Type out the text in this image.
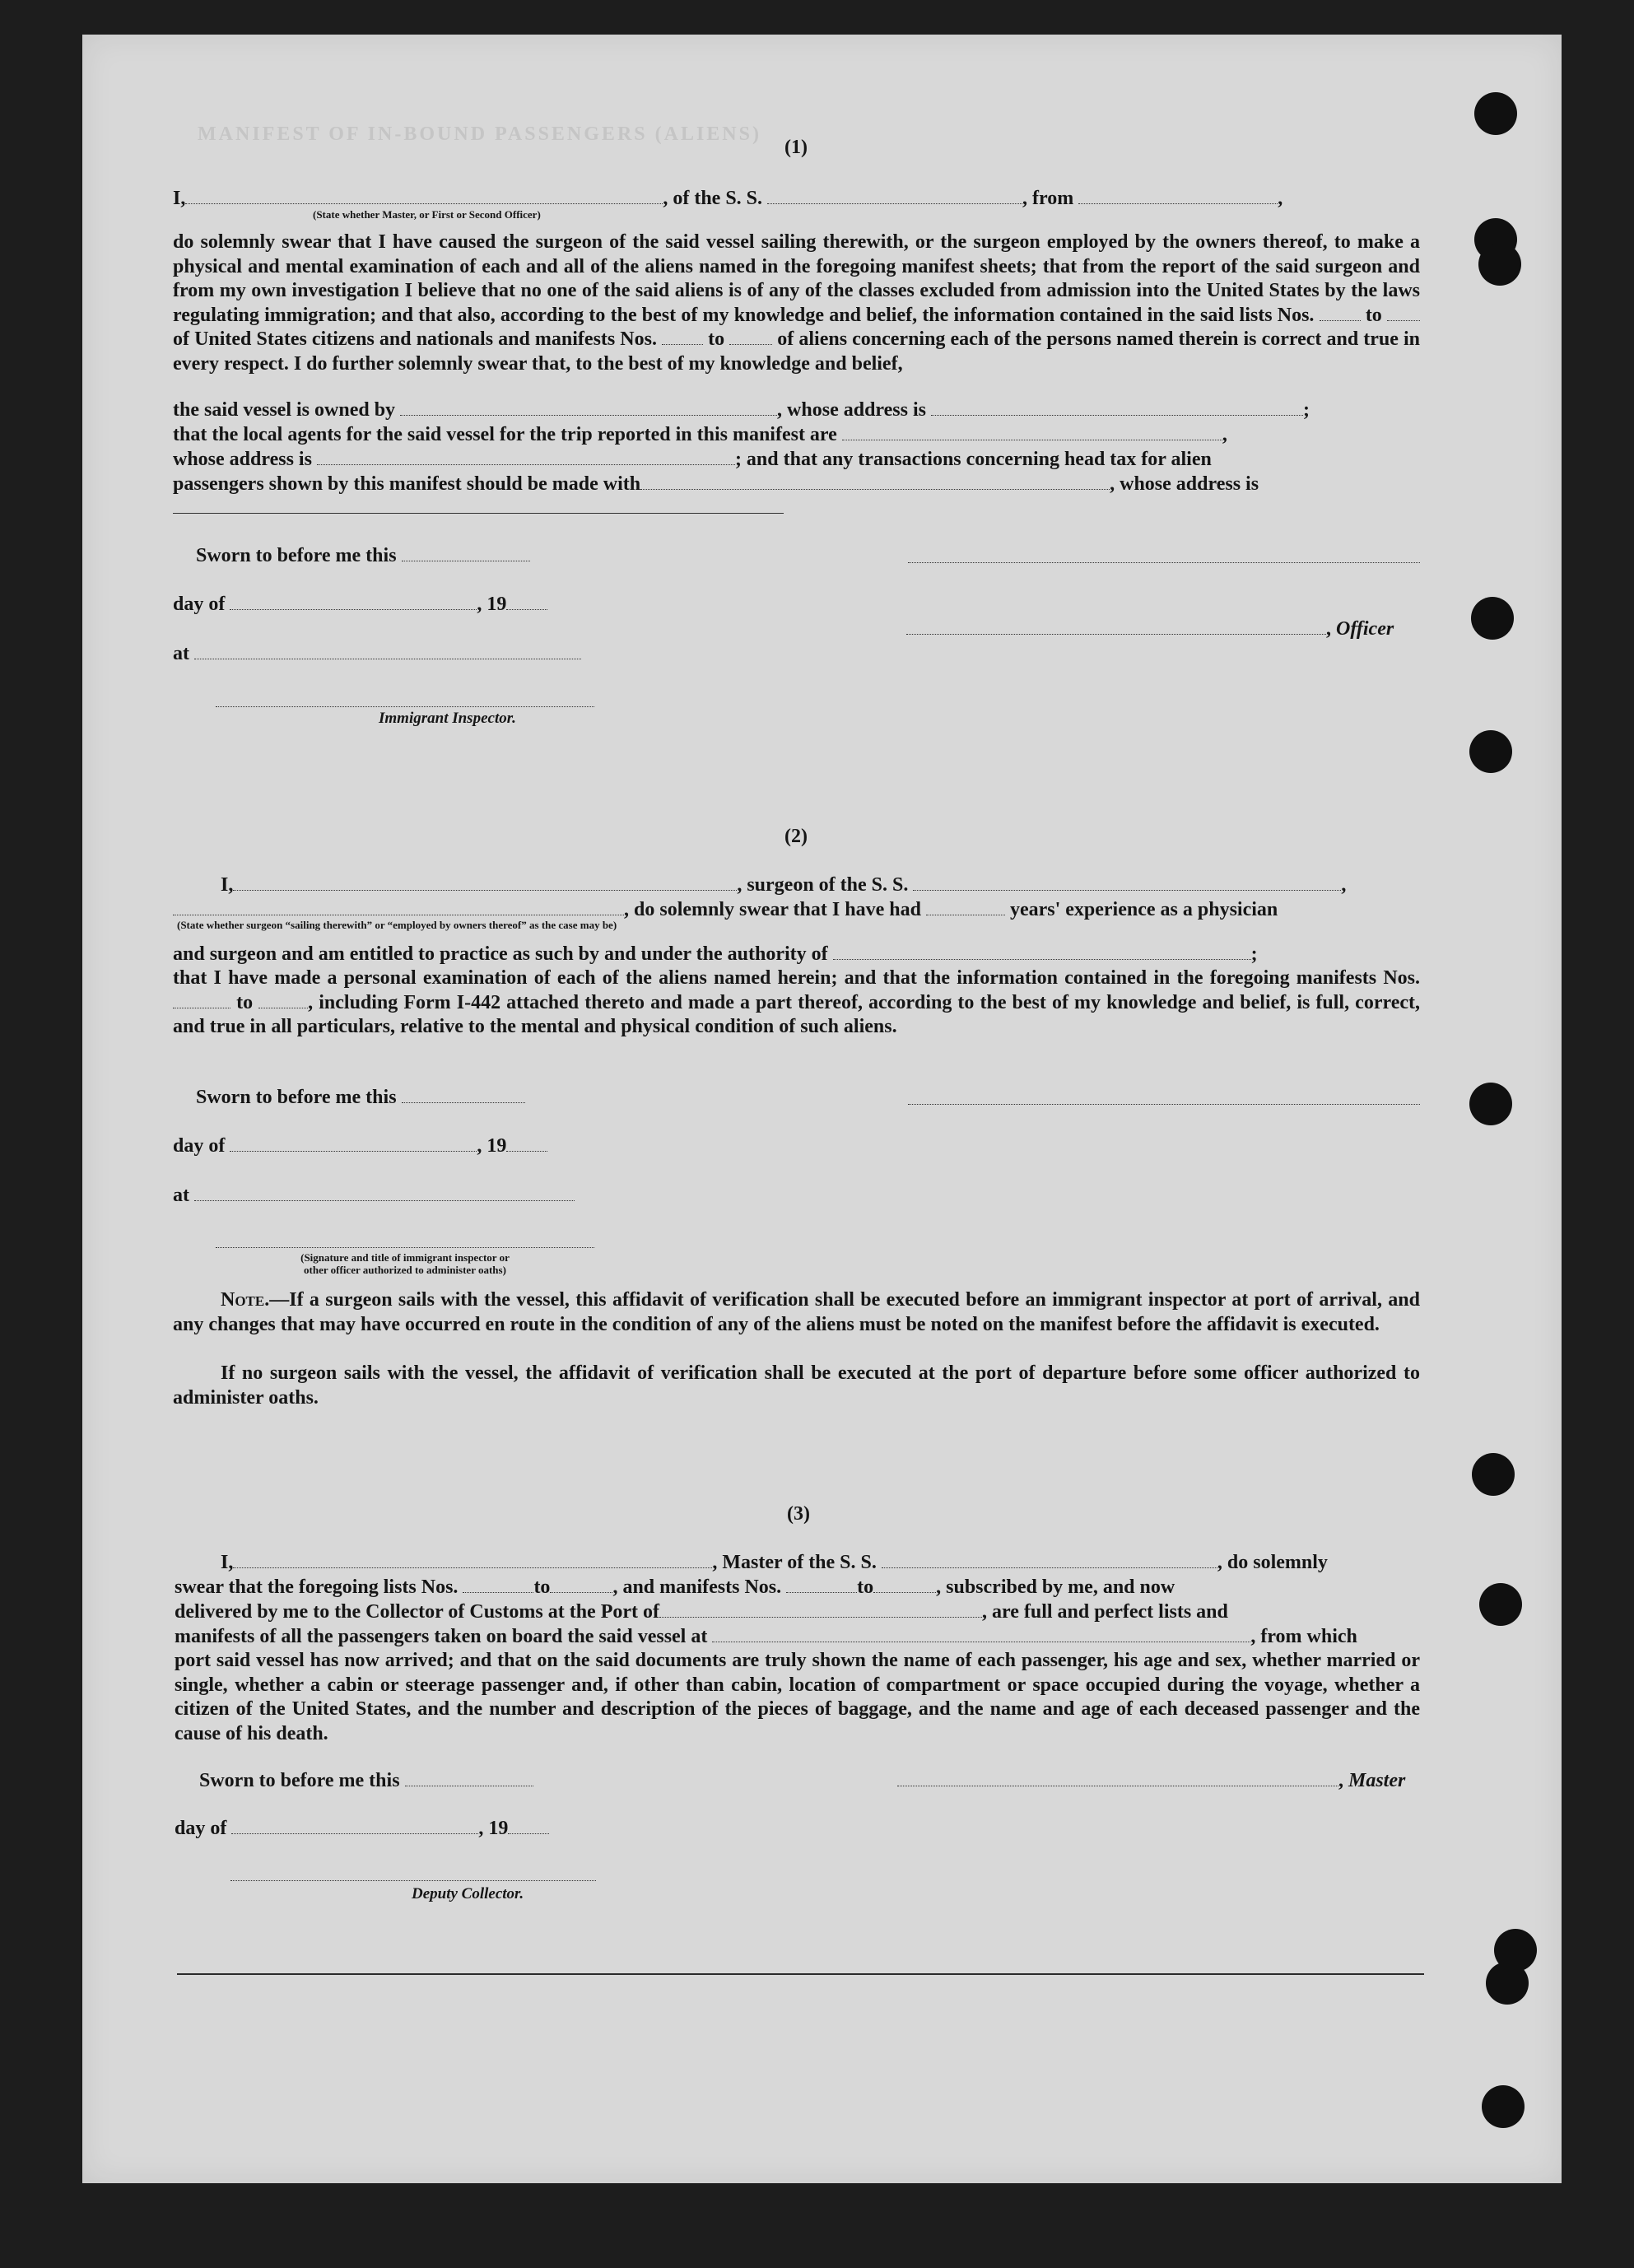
MANIFEST OF IN-BOUND PASSENGERS (ALIENS)
(1)

I,	, of the S. S.	, from	,

(State whether Master, or First or Second Officer)

do solemnly swear that I have caused the surgeon of the said vessel sailing therewith, or the surgeon employed by the owners thereof, to make a physical and mental examination of each and all of the aliens named in the foregoing manifest sheets; that from the report of the said surgeon and from my own investigation I believe that no one of the said aliens is of any of the classes excluded from admission into the United States by the laws regulating immigration; and that also, according to the best of my knowledge and belief, the information contained in the said lists Nos.	to  of United States citizens and nationals and manifests Nos.	to	of aliens concerning each of the persons named therein is correct and true in every respect. I do further solemnly swear that, to the best of my knowledge and belief,

the said vessel is owned by	, whose address is	;

that the local agents for the said vessel for the trip reported in this manifest are	,

whose address is	; and that any transactions concerning head tax for alien

passengers shown by this manifest should be made with	, whose address is

Sworn to before me this

day of	, 19

, Officer

at

Immigrant Inspector.
(2)

I,	, surgeon of the S. S.	,

, do solemnly swear that I have had	years' experience as a physician

(State whether surgeon “sailing therewith” or “employed by owners thereof” as the case may be)

and surgeon and am entitled to practice as such by and under the authority of	;

that I have made a personal examination of each of the aliens named herein; and that the information contained in the foregoing manifests Nos.  to	, including Form I-442 attached thereto and made a part thereof, according to the best of my knowledge and belief, is full, correct, and true in all particulars, relative to the mental and physical condition of such aliens.

Sworn to before me this

day of	, 19

at

(Signature and title of immigrant inspector or
other officer authorized to administer oaths)

Note.—If a surgeon sails with the vessel, this affidavit of verification shall be executed before an immigrant inspector at port of arrival, and any changes that may have occurred en route in the condition of any of the aliens must be noted on the manifest before the affidavit is executed.

If no surgeon sails with the vessel, the affidavit of verification shall be executed at the port of departure before some officer authorized to administer oaths.

(3)

I,	, Master of the S. S.	, do solemnly

swear that the foregoing lists Nos.	to	, and manifests Nos.	to	, subscribed by me, and now

delivered by me to the Collector of Customs at the Port of	, are full and perfect lists and

manifests of all the passengers taken on board the said vessel at	, from which

port said vessel has now arrived; and that on the said documents are truly shown the name of each passenger, his age and sex, whether married or single, whether a cabin or steerage passenger and, if other than cabin, location of compartment or space occupied during the voyage, whether a citizen of the United States, and the number and description of the pieces of baggage, and the name and age of each deceased passenger and the cause of his death.

Sworn to before me this	, Master

day of	, 19

Deputy Collector.
